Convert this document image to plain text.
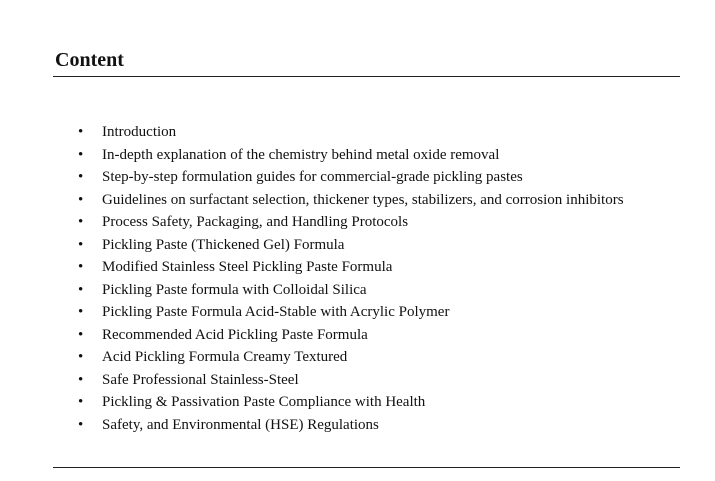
Content
• Introduction
• In-depth explanation of the chemistry behind metal oxide removal
• Step-by-step formulation guides for commercial-grade pickling pastes
• Guidelines on surfactant selection, thickener types, stabilizers, and corrosion inhibitors
• Process Safety, Packaging, and Handling Protocols
• Pickling Paste (Thickened Gel) Formula
• Modified Stainless Steel Pickling Paste Formula
• Pickling Paste formula with Colloidal Silica
• Pickling Paste Formula Acid-Stable with Acrylic Polymer
• Recommended Acid Pickling Paste Formula
• Acid Pickling Formula Creamy Textured
• Safe Professional Stainless-Steel
• Pickling & Passivation Paste Compliance with Health
• Safety, and Environmental (HSE) Regulations
